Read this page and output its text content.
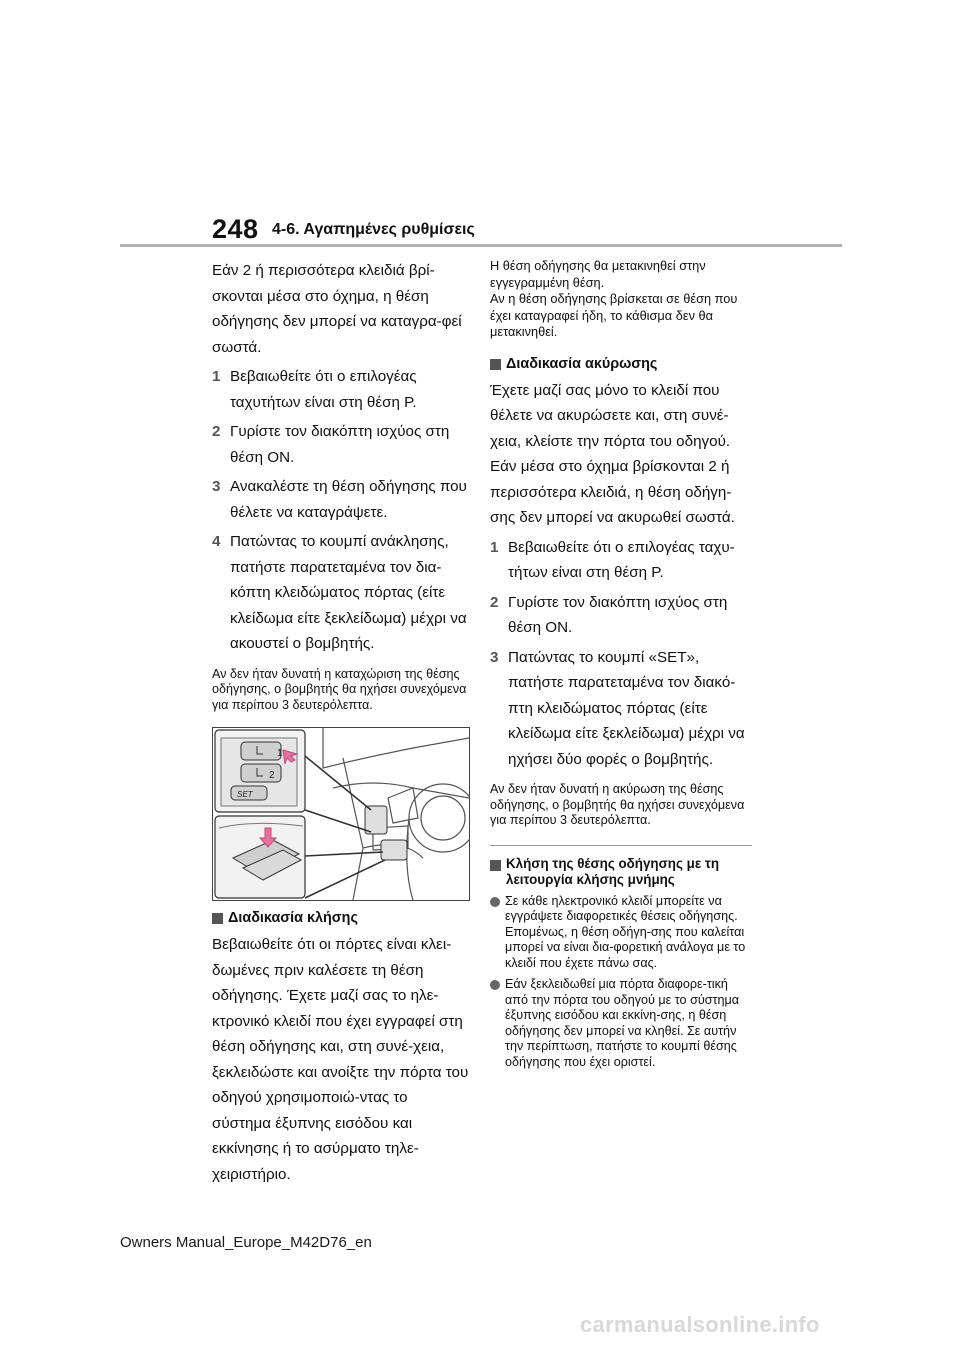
248 4-6. Αγαπημένες ρυθμίσεις

Εάν 2 ή περισσότερα κλειδιά βρί-σκονται μέσα στο όχημα, η θέση οδήγησης δεν μπορεί να καταγρα-φεί σωστά.

1 Βεβαιωθείτε ότι ο επιλογέας ταχυτήτων είναι στη θέση P.
2 Γυρίστε τον διακόπτη ισχύος στη θέση ON.
3 Ανακαλέστε τη θέση οδήγησης που θέλετε να καταγράψετε.
4 Πατώντας το κουμπί ανάκλησης, πατήστε παρατεταμένα τον δια-κόπτη κλειδώματος πόρτας (είτε κλείδωμα είτε ξεκλείδωμα) μέχρι να ακουστεί ο βομβητής.

Αν δεν ήταν δυνατή η καταχώριση της θέσης οδήγησης, ο βομβητής θα ηχήσει συνεχόμενα για περίπου 3 δευτερόλεπτα.

1
2
SET
Διαδικασία κλήσης

Βεβαιωθείτε ότι οι πόρτες είναι κλει-δωμένες πριν καλέσετε τη θέση οδήγησης. Έχετε μαζί σας το ηλε-κτρονικό κλειδί που έχει εγγραφεί στη θέση οδήγησης και, στη συνέ-χεια, ξεκλειδώστε και ανοίξτε την πόρτα του οδηγού χρησιμοποιώ-ντας το σύστημα έξυπνης εισόδου και εκκίνησης ή το ασύρματο τηλε-χειριστήριο.

Η θέση οδήγησης θα μετακινηθεί στην εγγεγραμμένη θέση.
Αν η θέση οδήγησης βρίσκεται σε θέση που έχει καταγραφεί ήδη, το κάθισμα δεν θα μετακινηθεί.

Διαδικασία ακύρωσης

Έχετε μαζί σας μόνο το κλειδί που θέλετε να ακυρώσετε και, στη συνέ-χεια, κλείστε την πόρτα του οδηγού. Εάν μέσα στο όχημα βρίσκονται 2 ή περισσότερα κλειδιά, η θέση οδήγη-σης δεν μπορεί να ακυρωθεί σωστά.

1 Βεβαιωθείτε ότι ο επιλογέας ταχυ-τήτων είναι στη θέση P.
2 Γυρίστε τον διακόπτη ισχύος στη θέση ON.
3 Πατώντας το κουμπί «SET», πατήστε παρατεταμένα τον διακό-πτη κλειδώματος πόρτας (είτε κλείδωμα είτε ξεκλείδωμα) μέχρι να ηχήσει δύο φορές ο βομβητής.

Αν δεν ήταν δυνατή η ακύρωση της θέσης οδήγησης, ο βομβητής θα ηχήσει συνεχόμενα για περίπου 3 δευτερόλεπτα.

Κλήση της θέσης οδήγησης με τη λειτουργία κλήσης μνήμης
Σε κάθε ηλεκτρονικό κλειδί μπορείτε να εγγράψετε διαφορετικές θέσεις οδήγησης. Επομένως, η θέση οδήγη-σης που καλείται μπορεί να είναι δια-φορετική ανάλογα με το κλειδί που έχετε πάνω σας.
Εάν ξεκλειδωθεί μια πόρτα διαφορε-τική από την πόρτα του οδηγού με το σύστημα έξυπνης εισόδου και εκκίνη-σης, η θέση οδήγησης δεν μπορεί να κληθεί. Σε αυτήν την περίπτωση, πατήστε το κουμπί θέσης οδήγησης που έχει οριστεί.
Owners Manual_Europe_M42D76_en
carmanualsonline.info
